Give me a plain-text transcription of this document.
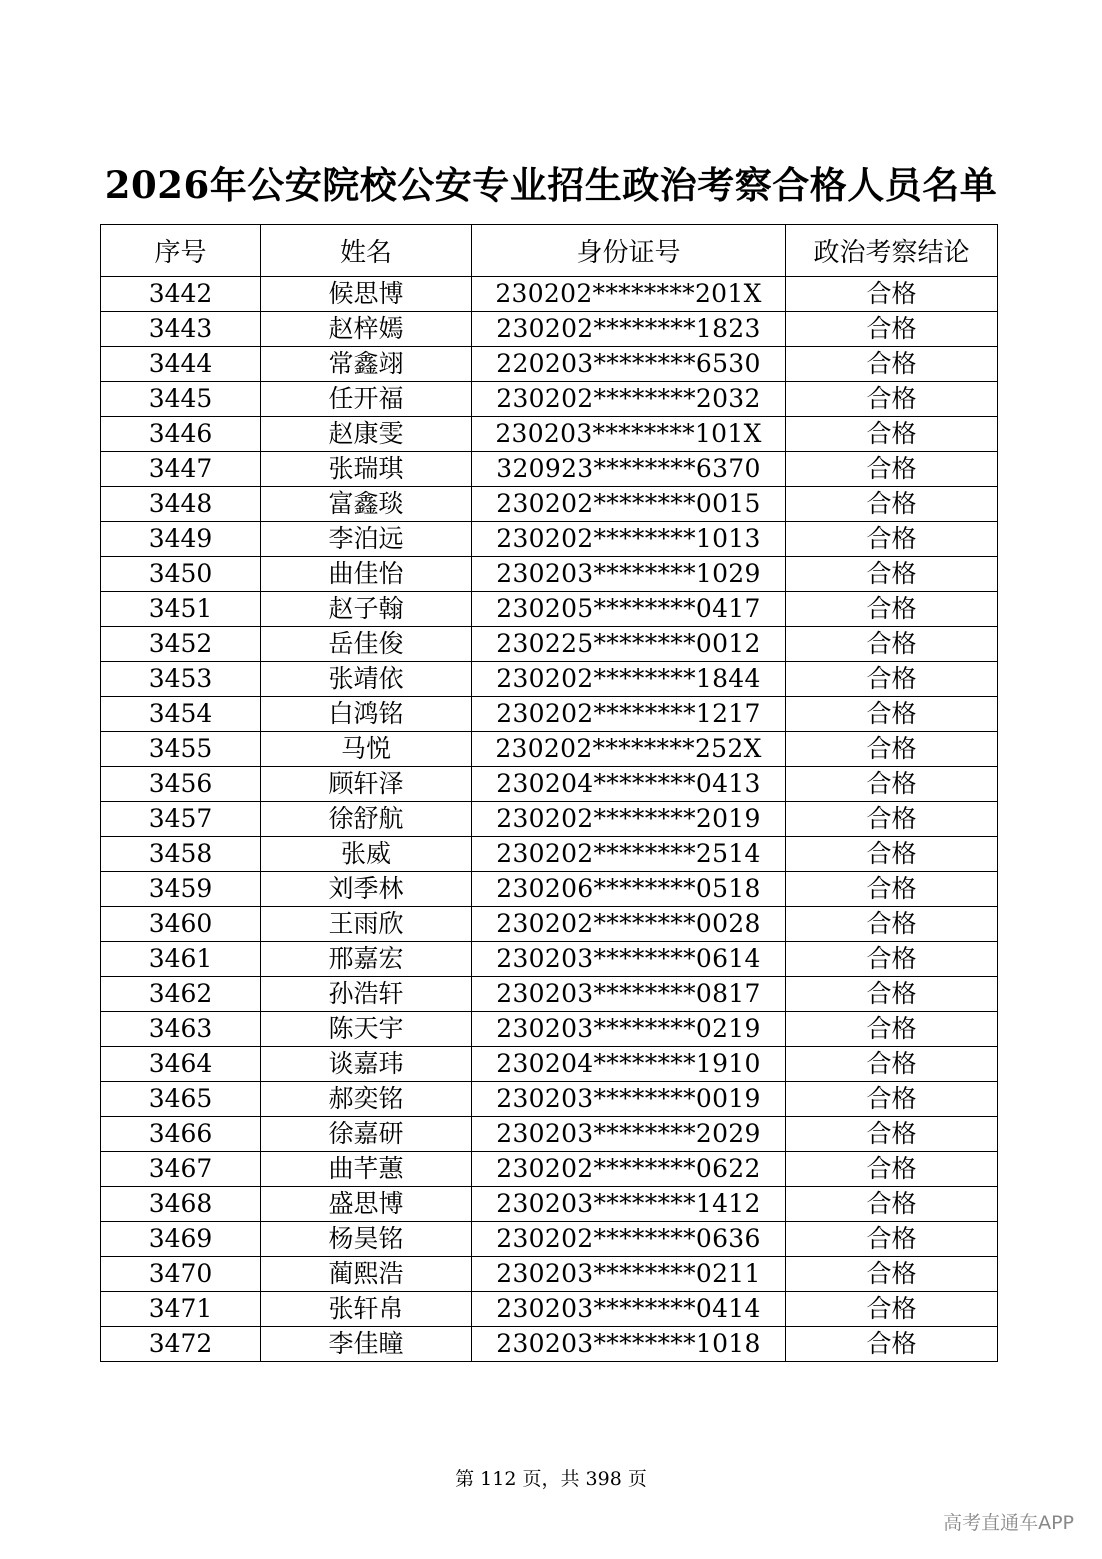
2026年公安院校公安专业招生政治考察合格人员名单
序号	姓名	身份证号	政治考察结论
3442	候思博	230202********201X	合格
3443	赵梓嫣	230202********1823	合格
3444	常鑫翊	220203********6530	合格
3445	任开福	230202********2032	合格
3446	赵康雯	230203********101X	合格
3447	张瑞琪	320923********6370	合格
3448	富鑫琰	230202********0015	合格
3449	李泊远	230202********1013	合格
3450	曲佳怡	230203********1029	合格
3451	赵子翰	230205********0417	合格
3452	岳佳俊	230225********0012	合格
3453	张靖依	230202********1844	合格
3454	白鸿铭	230202********1217	合格
3455	马悦	230202********252X	合格
3456	顾轩泽	230204********0413	合格
3457	徐舒航	230202********2019	合格
3458	张威	230202********2514	合格
3459	刘季林	230206********0518	合格
3460	王雨欣	230202********0028	合格
3461	邢嘉宏	230203********0614	合格
3462	孙浩轩	230203********0817	合格
3463	陈天宇	230203********0219	合格
3464	谈嘉玮	230204********1910	合格
3465	郝奕铭	230203********0019	合格
3466	徐嘉研	230203********2029	合格
3467	曲芊蕙	230202********0622	合格
3468	盛思博	230203********1412	合格
3469	杨昊铭	230202********0636	合格
3470	蔺熙浩	230203********0211	合格
3471	张轩帛	230203********0414	合格
3472	李佳瞳	230203********1018	合格
第 112 页，共 398 页
高考直通车APP
